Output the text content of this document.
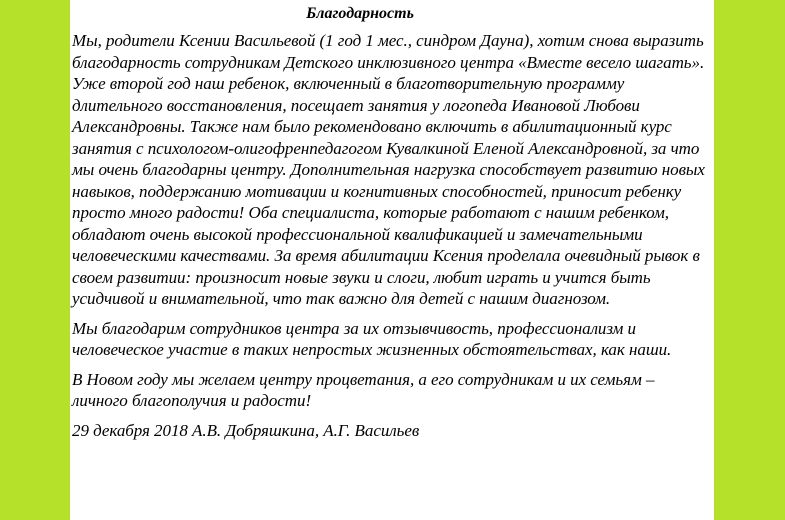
Благодарность

Мы, родители Ксении Васильевой (1 год 1 мес., синдром Дауна), хотим снова выразить благодарность сотрудникам Детского инклюзивного центра «Вместе весело шагать». Уже второй год наш ребенок, включенный в благотворительную программу длительного восстановления, посещает занятия у логопеда Ивановой Любови Александровны. Также нам было рекомендовано включить в абилитационный курс занятия с психологом-олигофренпедагогом Кувалкиной Еленой Александровной, за что мы очень благодарны центру. Дополнительная нагрузка способствует развитию новых навыков, поддержанию мотивации и когнитивных способностей, приносит ребенку просто много радости! Оба специалиста, которые работают с нашим ребенком, обладают очень высокой профессиональной квалификацией и замечательными человеческими качествами. За время абилитации Ксения проделала очевидный рывок в своем развитии: произносит новые звуки и слоги, любит играть и учится быть усидчивой и внимательной, что так важно для детей с нашим диагнозом.

Мы благодарим сотрудников центра за их отзывчивость, профессионализм и человеческое участие в таких непростых жизненных обстоятельствах, как наши.

В Новом году мы желаем центру процветания, а его сотрудникам и их семьям – личного благополучия и радости!

29 декабря 2018 А.В. Добряшкина, А.Г. Васильев
